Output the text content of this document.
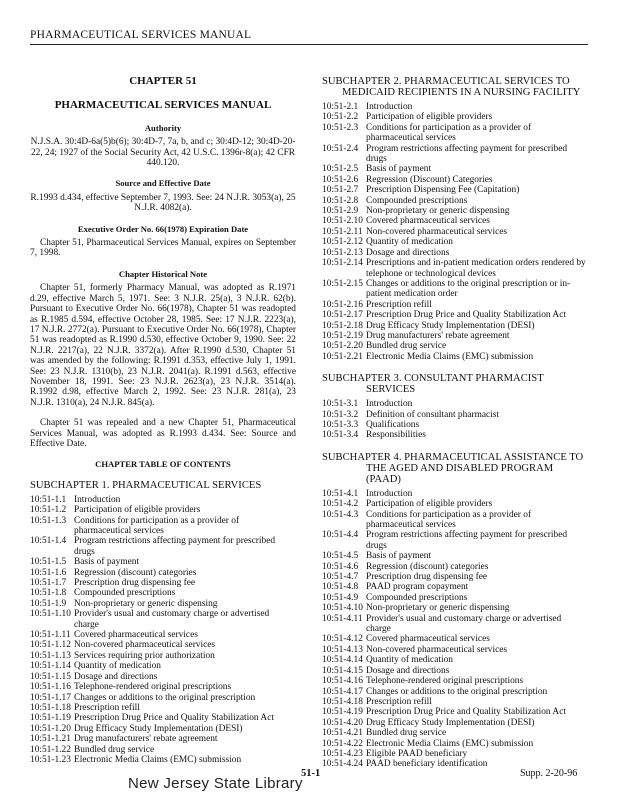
PHARMACEUTICAL SERVICES MANUAL
CHAPTER 51
PHARMACEUTICAL SERVICES MANUAL
Authority
N.J.S.A. 30:4D-6a(5)b(6); 30:4D-7, 7a, b, and c; 30:4D-12; 30:4D-20-22, 24; 1927 of the Social Security Act, 42 U.S.C. 1396r-8(a); 42 CFR 440.120.
Source and Effective Date
R.1993 d.434, effective September 7, 1993. See: 24 N.J.R. 3053(a), 25 N.J.R. 4082(a).
Executive Order No. 66(1978) Expiration Date
Chapter 51, Pharmaceutical Services Manual, expires on September 7, 1998.
Chapter Historical Note
Chapter 51, formerly Pharmacy Manual, was adopted as R.1971 d.29, effective March 5, 1971. See: 3 N.J.R. 25(a), 3 N.J.R. 62(b). Pursuant to Executive Order No. 66(1978), Chapter 51 was readopted as R.1985 d.594, effective October 28, 1985. See: 17 N.J.R. 2223(a), 17 N.J.R. 2772(a). Pursuant to Executive Order No. 66(1978), Chapter 51 was readopted as R.1990 d.530, effective October 9, 1990. See: 22 N.J.R. 2217(a), 22 N.J.R. 3372(a). After R.1990 d.530, Chapter 51 was amended by the following: R.1991 d.353, effective July 1, 1991. See: 23 N.J.R. 1310(b), 23 N.J.R. 2041(a). R.1991 d.563, effective November 18, 1991. See: 23 N.J.R. 2623(a), 23 N.J.R. 3514(a). R.1992 d.98, effective March 2, 1992. See: 23 N.J.R. 281(a), 23 N.J.R. 1310(a), 24 N.J.R. 845(a).
Chapter 51 was repealed and a new Chapter 51, Pharmaceutical Services Manual, was adopted as R.1993 d.434. See: Source and Effective Date.
CHAPTER TABLE OF CONTENTS
SUBCHAPTER 1. PHARMACEUTICAL SERVICES
10:51-1.1 Introduction
10:51-1.2 Participation of eligible providers
10:51-1.3 Conditions for participation as a provider of pharmaceutical services
10:51-1.4 Program restrictions affecting payment for prescribed drugs
10:51-1.5 Basis of payment
10:51-1.6 Regression (discount) categories
10:51-1.7 Prescription drug dispensing fee
10:51-1.8 Compounded prescriptions
10:51-1.9 Non-proprietary or generic dispensing
10:51-1.10 Provider's usual and customary charge or advertised charge
10:51-1.11 Covered pharmaceutical services
10:51-1.12 Non-covered pharmaceutical services
10:51-1.13 Services requiring prior authorization
10:51-1.14 Quantity of medication
10:51-1.15 Dosage and directions
10:51-1.16 Telephone-rendered original prescriptions
10:51-1.17 Changes or additions to the original prescription
10:51-1.18 Prescription refill
10:51-1.19 Prescription Drug Price and Quality Stabilization Act
10:51-1.20 Drug Efficacy Study Implementation (DESI)
10:51-1.21 Drug manufacturers' rebate agreement
10:51-1.22 Bundled drug service
10:51-1.23 Electronic Media Claims (EMC) submission
SUBCHAPTER 2. PHARMACEUTICAL SERVICES TO
MEDICAID RECIPIENTS IN A NURSING FACILITY
10:51-2.1 Introduction
10:51-2.2 Participation of eligible providers
10:51-2.3 Conditions for participation as a provider of pharmaceutical services
10:51-2.4 Program restrictions affecting payment for prescribed drugs
10:51-2.5 Basis of payment
10:51-2.6 Regression (Discount) Categories
10:51-2.7 Prescription Dispensing Fee (Capitation)
10:51-2.8 Compounded prescriptions
10:51-2.9 Non-proprietary or generic dispensing
10:51-2.10 Covered pharmaceutical services
10:51-2.11 Non-covered pharmaceutical services
10:51-2.12 Quantity of medication
10:51-2.13 Dosage and directions
10:51-2.14 Prescriptions and in-patient medication orders rendered by telephone or technological devices
10:51-2.15 Changes or additions to the original prescription or in-patient medication order
10:51-2.16 Prescription refill
10:51-2.17 Prescription Drug Price and Quality Stabilization Act
10:51-2.18 Drug Efficacy Study Implementation (DESI)
10:51-2.19 Drug manufacturers' rebate agreement
10:51-2.20 Bundled drug service
10:51-2.21 Electronic Media Claims (EMC) submission
SUBCHAPTER 3. CONSULTANT PHARMACIST
SERVICES
10:51-3.1 Introduction
10:51-3.2 Definition of consultant pharmacist
10:51-3.3 Qualifications
10:51-3.4 Responsibilities
SUBCHAPTER 4. PHARMACEUTICAL ASSISTANCE TO
THE AGED AND DISABLED PROGRAM (PAAD)
10:51-4.1 Introduction
10:51-4.2 Participation of eligible providers
10:51-4.3 Conditions for participation as a provider of pharmaceutical services
10:51-4.4 Program restrictions affecting payment for prescribed drugs
10:51-4.5 Basis of payment
10:51-4.6 Regression (discount) categories
10:51-4.7 Prescription drug dispensing fee
10:51-4.8 PAAD program copayment
10:51-4.9 Compounded prescriptions
10:51-4.10 Non-proprietary or generic dispensing
10:51-4.11 Provider's usual and customary charge or advertised charge
10:51-4.12 Covered pharmaceutical services
10:51-4.13 Non-covered pharmaceutical services
10:51-4.14 Quantity of medication
10:51-4.15 Dosage and directions
10:51-4.16 Telephone-rendered original prescriptions
10:51-4.17 Changes or additions to the original prescription
10:51-4.18 Prescription refill
10:51-4.19 Prescription Drug Price and Quality Stabilization Act
10:51-4.20 Drug Efficacy Study Implementation (DESI)
10:51-4.21 Bundled drug service
10:51-4.22 Electronic Media Claims (EMC) submission
10:51-4.23 Eligible PAAD beneficiary
10:51-4.24 PAAD beneficiary identification
New Jersey State Library
51-1	Supp. 2-20-96
